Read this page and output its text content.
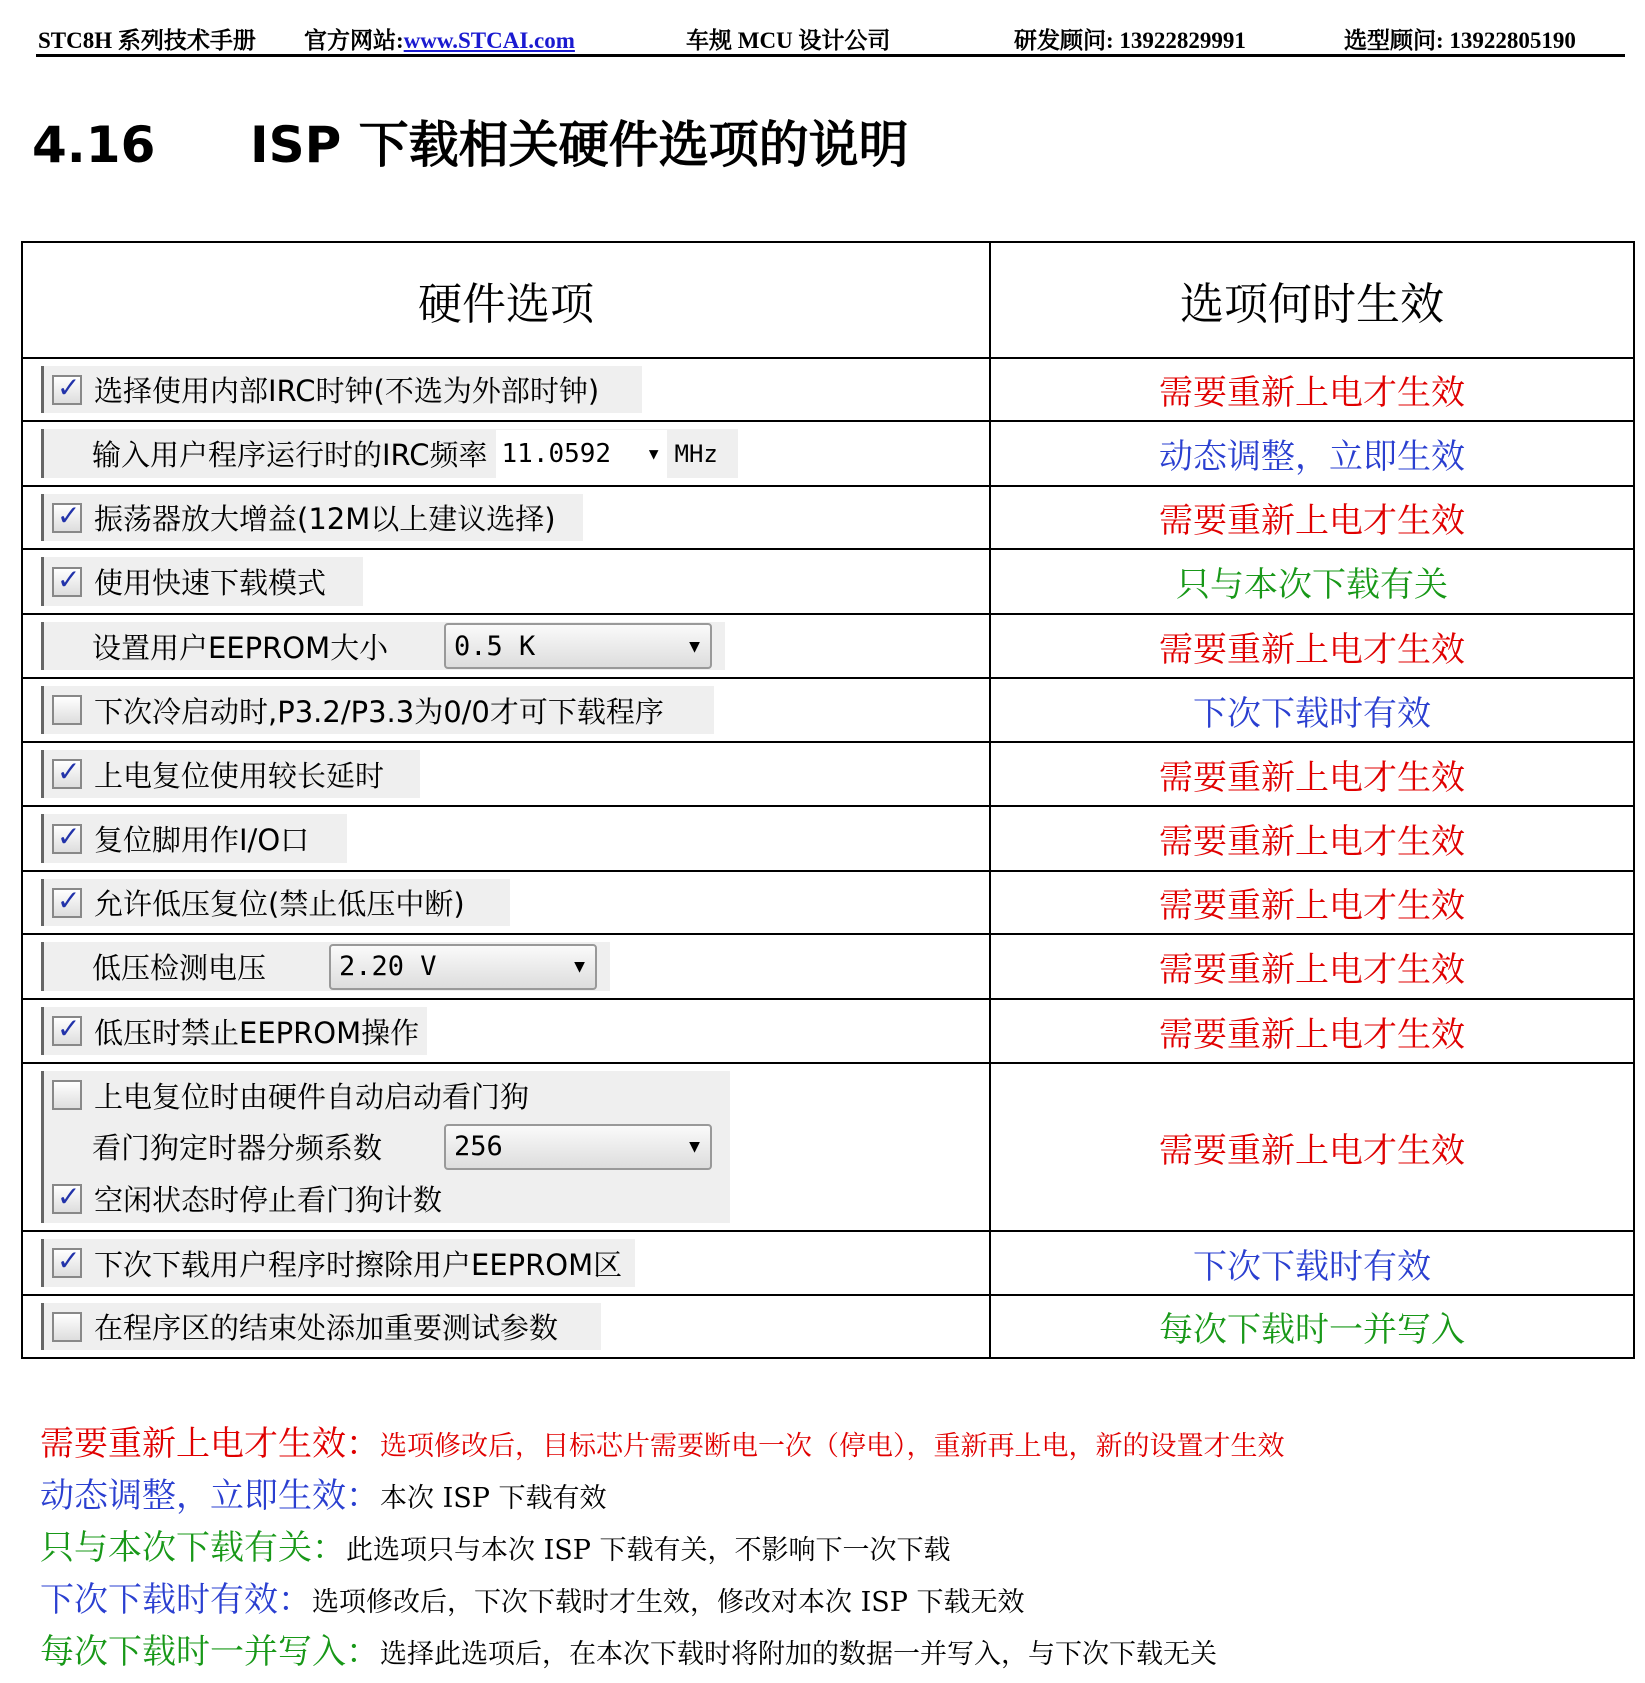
STC8H 系列技术手册 官方网站:www.STCAI.com	车规 MCU 设计公司	研发顾问: 13922829991	选型顾问: 13922805190
4.16 ISP 下载相关硬件选项的说明
硬件选项	选项何时生效

✓
选择使用内部IRC时钟(不选为外部时钟)	需要重新上电才生效

输入用户程序运行时的IRC频率 11.0592 ▼ MHz	动态调整，立即生效

✓
振荡器放大增益(12M以上建议选择)	需要重新上电才生效

✓
使用快速下载模式	只与本次下载有关

设置用户EEPROM大小 0.5 K ▼	需要重新上电才生效

下次冷启动时,P3.2/P3.3为0/0才可下载程序	下次下载时有效

✓
上电复位使用较长延时	需要重新上电才生效

✓
复位脚用作I/O口	需要重新上电才生效

✓
允许低压复位(禁止低压中断)	需要重新上电才生效

低压检测电压 2.20 V ▼	需要重新上电才生效

✓
低压时禁止EEPROM操作	需要重新上电才生效

上电复位时由硬件自动启动看门狗
看门狗定时器分频系数 256 ▼
✓
空闲状态时停止看门狗计数	需要重新上电才生效

✓
下次下载用户程序时擦除用户EEPROM区	下次下载时有效

在程序区的结束处添加重要测试参数	每次下载时一并写入
需要重新上电才生效：选项修改后，目标芯片需要断电一次（停电），重新再上电，新的设置才生效
动态调整，立即生效：本次 ISP 下载有效
只与本次下载有关：此选项只与本次 ISP 下载有关，不影响下一次下载
下次下载时有效：选项修改后，下次下载时才生效，修改对本次 ISP 下载无效
每次下载时一并写入：选择此选项后，在本次下载时将附加的数据一并写入，与下次下载无关
